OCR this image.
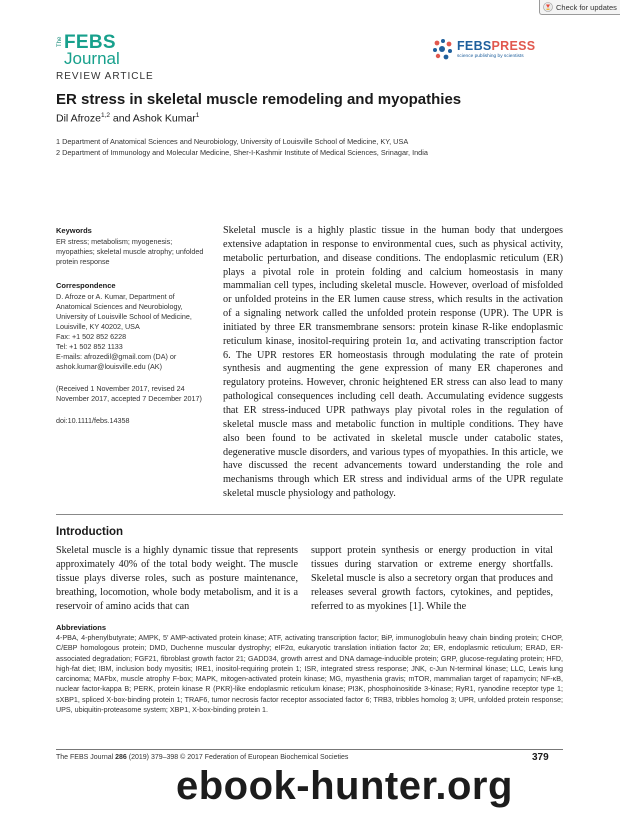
Check for updates
The FEBS
Journal
FEBSPRESS
science publishing by scientists
REVIEW ARTICLE
ER stress in skeletal muscle remodeling and myopathies
Dil Afroze$^{1,2}$ and Ashok Kumar$^1$
1 Department of Anatomical Sciences and Neurobiology, University of Louisville School of Medicine, KY, USA
2 Department of Immunology and Molecular Medicine, Sher-I-Kashmir Institute of Medical Sciences, Srinagar, India
Keywords
ER stress; metabolism; myogenesis; myopathies; skeletal muscle atrophy; unfolded protein response
Correspondence
D. Afroze or A. Kumar, Department of Anatomical Sciences and Neurobiology, University of Louisville School of Medicine, Louisville, KY 40202, USA
Fax: +1 502 852 6228
Tel: +1 502 852 1133
E-mails: afrozedil@gmail.com (DA) or ashok.kumar@louisville.edu (AK)
(Received 1 November 2017, revised 24 November 2017, accepted 7 December 2017)
doi:10.1111/febs.14358
Skeletal muscle is a highly plastic tissue in the human body that undergoes extensive adaptation in response to environmental cues, such as physical activity, metabolic perturbation, and disease conditions. The endoplasmic reticulum (ER) plays a pivotal role in protein folding and calcium homeostasis in many mammalian cell types, including skeletal muscle. However, overload of misfolded or unfolded proteins in the ER lumen cause stress, which results in the activation of a signaling network called the unfolded protein response (UPR). The UPR is initiated by three ER transmembrane sensors: protein kinase R-like endoplasmic reticulum kinase, inositol-requiring protein 1α, and activating transcription factor 6. The UPR restores ER homeostasis through modulating the rate of protein synthesis and augmenting the gene expression of many ER chaperones and regulatory proteins. However, chronic heightened ER stress can also lead to many pathological consequences including cell death. Accumulating evidence suggests that ER stress-induced UPR pathways play pivotal roles in the regulation of skeletal muscle mass and metabolic function in multiple conditions. They have also been found to be activated in skeletal muscle under catabolic states, degenerative muscle disorders, and various types of myopathies. In this article, we have discussed the recent advancements toward understanding the role and mechanisms through which ER stress and individual arms of the UPR regulate skeletal muscle physiology and pathology.
Introduction
Skeletal muscle is a highly dynamic tissue that represents approximately 40% of the total body weight. The muscle tissue plays diverse roles, such as posture maintenance, breathing, locomotion, whole body metabolism, and it is a reservoir of amino acids that can
support protein synthesis or energy production in vital tissues during starvation or extreme energy shortfalls. Skeletal muscle is also a secretory organ that produces and releases several growth factors, cytokines, and peptides, referred to as myokines [1]. While the
Abbreviations
4-PBA, 4-phenylbutyrate; AMPK, 5′ AMP-activated protein kinase; ATF, activating transcription factor; BiP, immunoglobulin heavy chain binding protein; CHOP, C/EBP homologous protein; DMD, Duchenne muscular dystrophy; eIF2α, eukaryotic translation initiation factor 2α; ER, endoplasmic reticulum; ERAD, ER-associated degradation; FGF21, fibroblast growth factor 21; GADD34, growth arrest and DNA damage-inducible protein; GRP, glucose-regulating protein; HFD, high-fat diet; IBM, inclusion body myositis; IRE1, inositol-requiring protein 1; ISR, integrated stress response; JNK, c-Jun N-terminal kinase; LLC, Lewis lung carcinoma; MAFbx, muscle atrophy F-box; MAPK, mitogen-activated protein kinase; MG, myasthenia gravis; mTOR, mammalian target of rapamycin; NF-κB, nuclear factor-kappa B; PERK, protein kinase R (PKR)-like endoplasmic reticulum kinase; PI3K, phosphoinositide 3-kinase; RyR1, ryanodine receptor type 1; sXBP1, spliced X-box-binding protein 1; TRAF6, tumor necrosis factor receptor associated factor 6; TRB3, tribbles homolog 3; UPR, unfolded protein response; UPS, ubiquitin-proteasome system; XBP1, X-box-binding protein 1.
The FEBS Journal 286 (2019) 379–398 © 2017 Federation of European Biochemical Societies	379
ebook-hunter.org
